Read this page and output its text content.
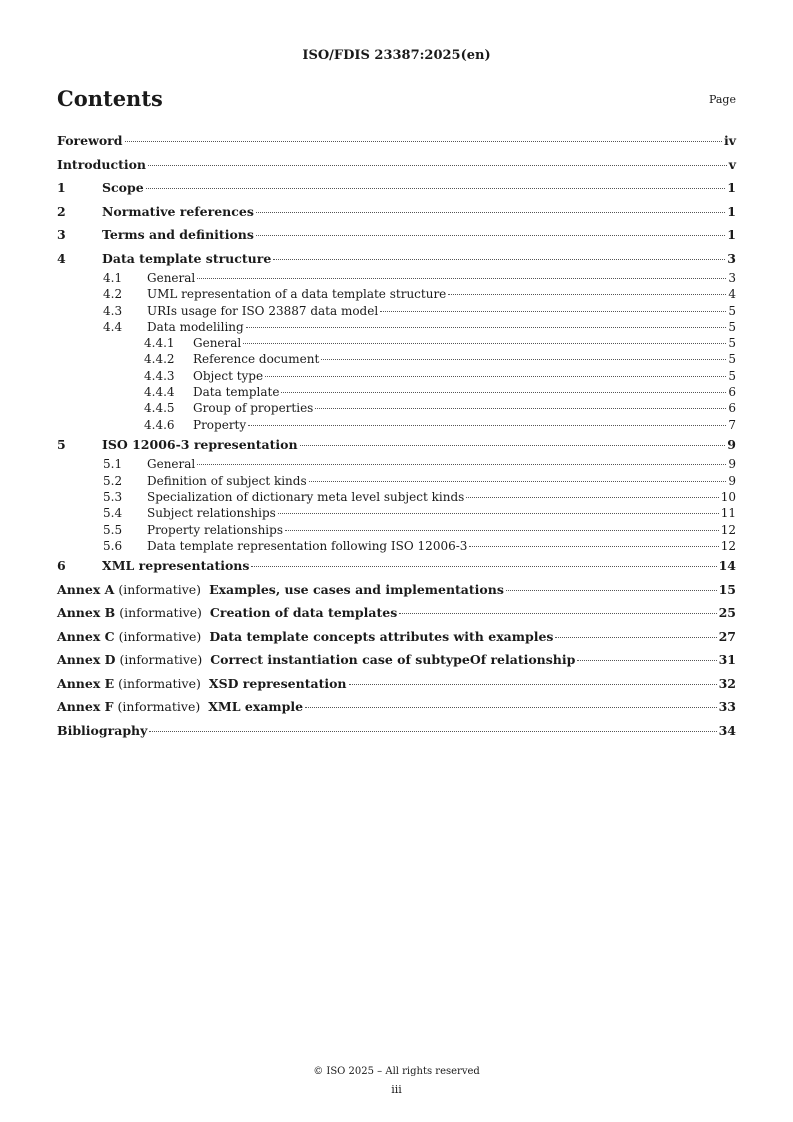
ISO/FDIS 23387:2025(en)
Contents	Page
Foreword	iv
Introduction	v
1	Scope	1
2	Normative references	1
3	Terms and definitions	1
4	Data template structure	3
4.1	General	3
4.2	UML representation of a data template structure	4
4.3	URIs usage for ISO 23887 data model	5
4.4	Data modeliling	5
4.4.1	General	5
4.4.2	Reference document	5
4.4.3	Object type	5
4.4.4	Data template	6
4.4.5	Group of properties	6
4.4.6	Property	7
5	ISO 12006-3 representation	9
5.1	General	9
5.2	Definition of subject kinds	9
5.3	Specialization of dictionary meta level subject kinds	10
5.4	Subject relationships	11
5.5	Property relationships	12
5.6	Data template representation following ISO 12006-3	12
6	XML representations	14
Annex A (informative) Examples, use cases and implementations	15
Annex B (informative) Creation of data templates	25
Annex C (informative) Data template concepts attributes with examples	27
Annex D (informative) Correct instantiation case of subtypeOf relationship	31
Annex E (informative) XSD representation	32
Annex F (informative) XML example	33
Bibliography	34
© ISO 2025 – All rights reserved
iii
